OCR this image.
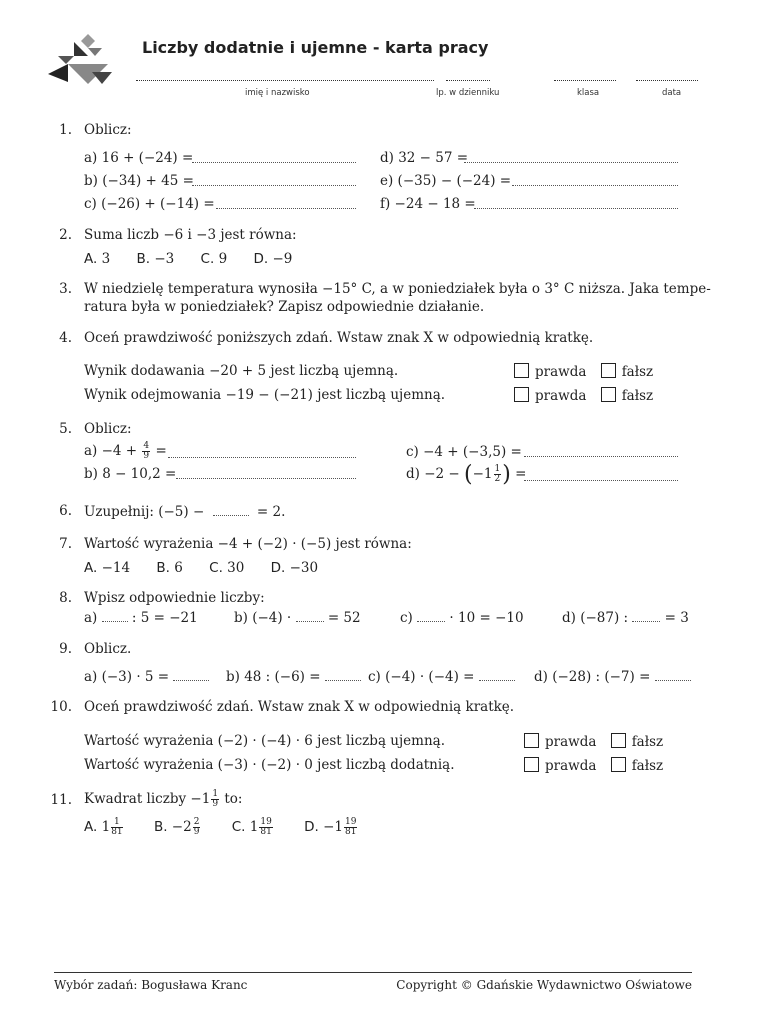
Liczby dodatnie i ujemne - karta pracy
imię i nazwisko	lp. w dzienniku	klasa	data
1. Oblicz:
a) 16 + (−24) =
b) (−34) + 45 =
c) (−26) + (−14) =
d) 32 − 57 =
e) (−35) − (−24) =
f) −24 − 18 =
2. Suma liczb −6 i −3 jest równa:
A. 3 B. −3 C. 9 D. −9
3. W niedzielę temperatura wynosiła −15° C, a w poniedziałek była o 3° C niższa. Jaka tempe-
ratura była w poniedziałek? Zapisz odpowiednie działanie.
4. Oceń prawdziwość poniższych zdań. Wstaw znak X w odpowiednią kratkę.
Wynik dodawania −20 + 5 jest liczbą ujemną.	prawda	fałsz
Wynik odejmowania −19 − (−21) jest liczbą ujemną.	prawda	fałsz
5. Oblicz:
$a) -4 + \frac{4}{9}$ =
b) 8 − 10,2 =
c) −4 + (−3,5) =
$d) -2 - (-1 \frac{1}{2}$ ) =
6. Uzupełnij: (−5) −	= 2.
7. Wartość wyrażenia −4 + (−2) · (−5) jest równa:
A. −14 B. 6 C. 30 D. −30
8. Wpisz odpowiednie liczby:
a)	: 5 = −21	b) (−4) ·	= 52	c)	· 10 = −10	d) (−87) :	= 3
9. Oblicz.
a) (−3) · 5 =	b) 48 : (−6) =	c) (−4) · (−4) =	d) (−28) : (−7) =
10. Oceń prawdziwość zdań. Wstaw znak X w odpowiednią kratkę.
Wartość wyrażenia (−2) · (−4) · 6 jest liczbą ujemną.	prawda	fałsz
Wartość wyrażenia (−3) · (−2) · 0 jest liczbą dodatnią.	prawda	fałsz
11. Kwadrat liczby $-1 \frac{1}{9}$ to:
A. $1 \frac{1}{81} B$. $-2 \frac{2}{9} C$. $1 \frac{19}{81} D$. $-1 \frac{19}{81}$
Wybór zadań: Bogusława Kranc	Copyright © Gdańskie Wydawnictwo Oświatowe
